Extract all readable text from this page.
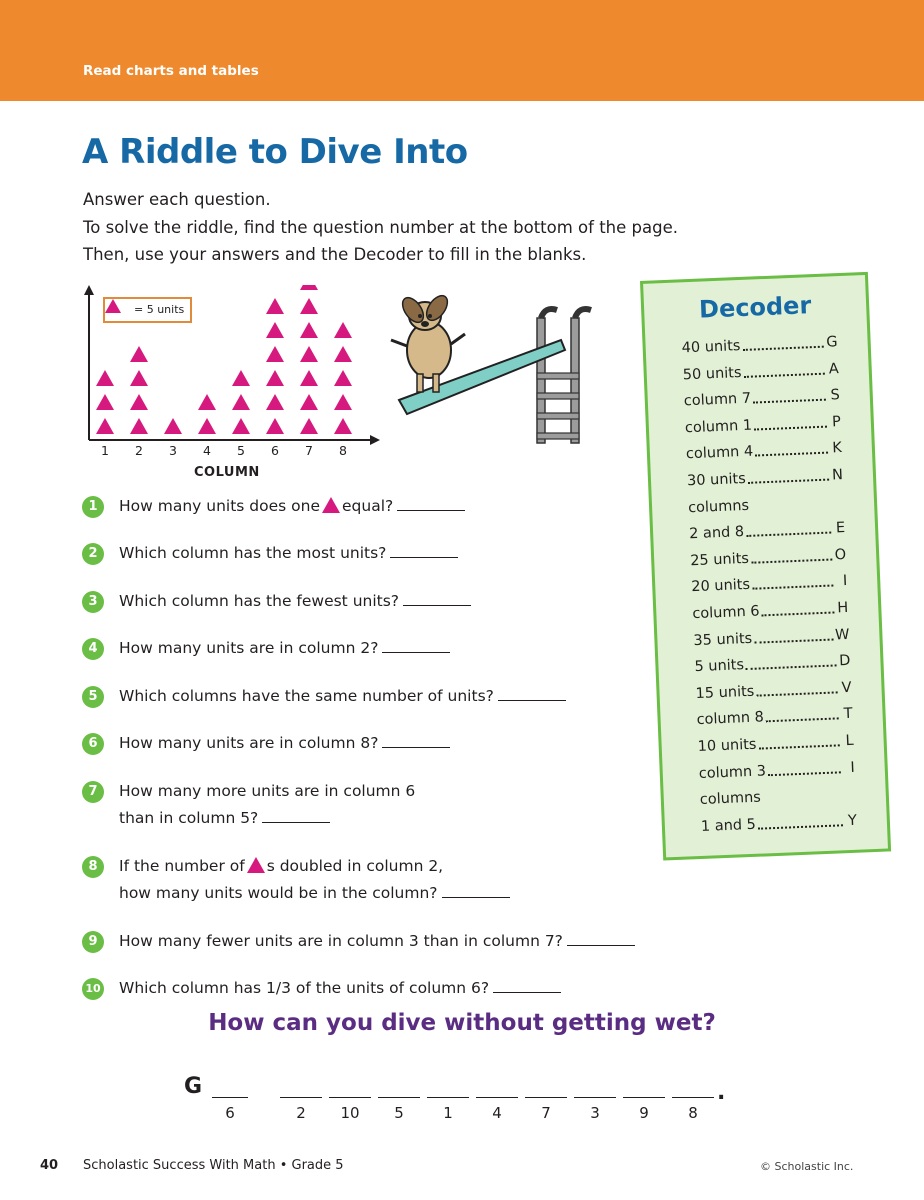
Read charts and tables
A Riddle to Dive Into
Answer each question.
To solve the riddle, find the question number at the bottom of the page.
Then, use your answers and the Decoder to fill in the blanks.
= 5 units
1 2 3 4 5 6 7 8
COLUMN
Decoder
40 units	G
50 units	A
column 7	S
column 1	P
column 4	K
30 units	N
columns
2 and 8	E
25 units	O
20 units	I
column 6	H
35 units	W
5 units	D
15 units	V
column 8	T
10 units	L
column 3	I
columns
1 and 5	Y
1	How many units does one equal?
2	Which column has the most units?
3	Which column has the fewest units?
4	How many units are in column 2?
5	Which columns have the same number of units?
6	How many units are in column 8?
7	How many more units are in column 6
than in column 5?
8	If the number of s doubled in column 2,
how many units would be in the column?
9	How many fewer units are in column 3 than in column 7?
10 Which column has 1/3 of the units of column 6?
How can you dive without getting wet?
G
6	2	10	5	1	4	7	3	9	8
.
40 Scholastic Success With Math • Grade 5	© Scholastic Inc.
